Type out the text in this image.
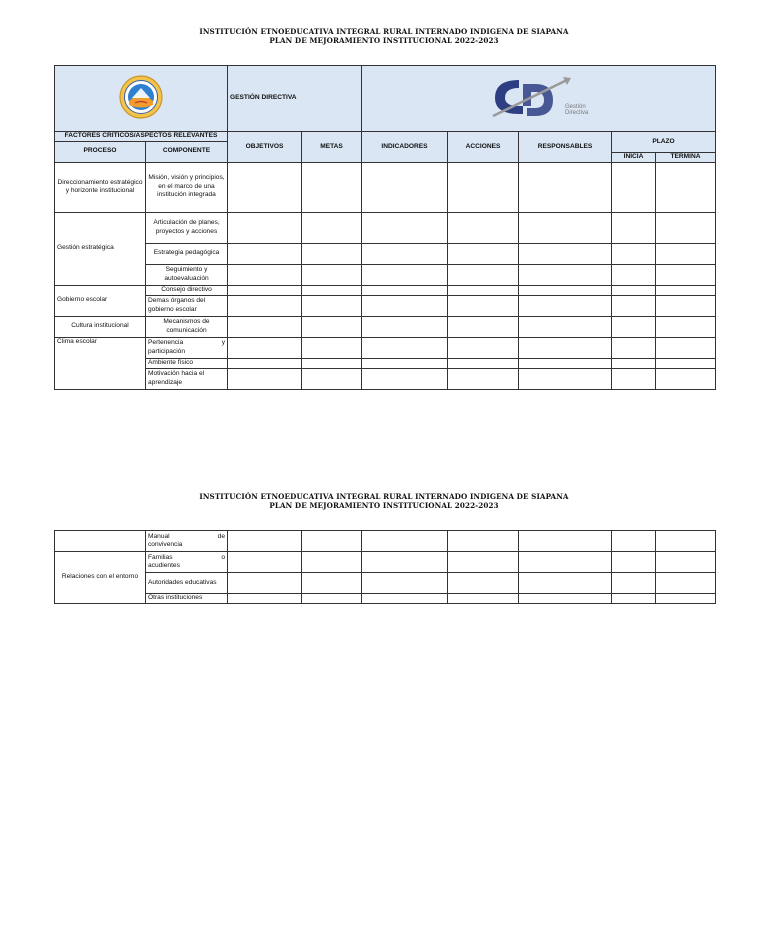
INSTITUCIÓN ETNOEDUCATIVA INTEGRAL RURAL INTERNADO INDIGENA DE SIAPANA
PLAN DE MEJORAMIENTO INSTITUCIONAL 2022-2023
	GESTIÓN DIRECTIVA		Gestión
Directiva				

FACTORES CRITICOS/ASPECTOS RELEVANTES		OBJETIVOS	METAS	INDICADORES	ACCIONES	RESPONSABLES	PLAZO	
PROCESO	COMPONENTE							
							INICIA	TERMINA
Direccionamiento estratégico y horizonte institucional	Misión, visión y principios, en el marco de una institución integrada							
Gestión estratégica	Articulación de planes, proyectos y acciones							
	Estrategia pedagógica							
	Seguimiento y autoevaluación							
Gobierno escolar	Consejo directivo							
	Demas órganos del gobierno escolar							
Cultura institucional	Mecanismos de comunicación							
Clima escolar	Pertenencia y
participación							

	Ambiente físico							
	Motivación hacia el aprendizaje							
INSTITUCIÓN ETNOEDUCATIVA INTEGRAL RURAL INTERNADO INDIGENA DE SIAPANA
PLAN DE MEJORAMIENTO INSTITUCIONAL 2022-2023

	Manual de
convivencia							

Relaciones con el entorno	Familias o
acudientes							

	Autoridades educativas							
	Otras instituciones							
